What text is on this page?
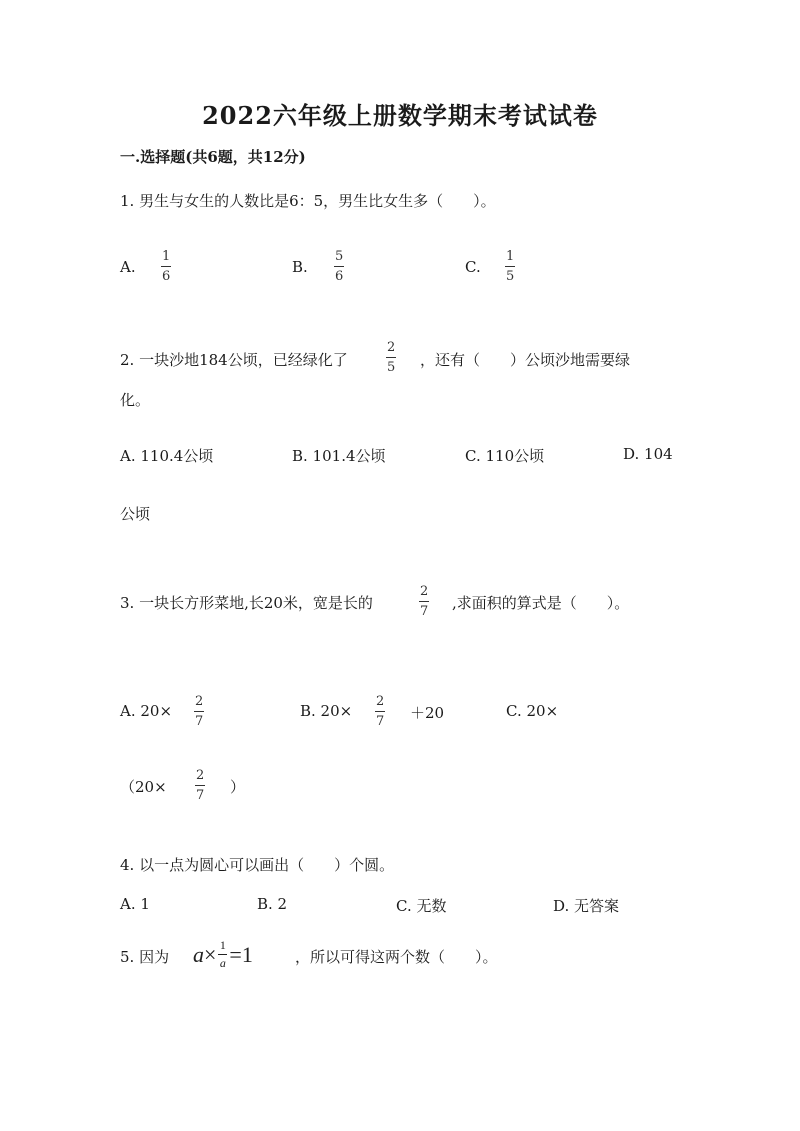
2022六年级上册数学期末考试试卷
一.选择题(共6题，共12分)
1. 男生与女生的人数比是6：5，男生比女生多（　　）。
A.
1
6
B.
5
6
C.
1
5
2. 一块沙地184公顷，已经绿化了
2
5 ，还有（　　）公顷沙地需要绿
化。
A. 110.4公顷	B. 101.4公顷	C. 110公顷	D. 104
公顷
3. 一块长方形菜地,长20米，宽是长的
2
7 ,求面积的算式是（　　）。
A. 20×
2
7
B. 20×
2
7 ＋20	C. 20×
（20×
2
7 ）
4. 以一点为圆心可以画出（　　）个圆。
A. 1	B. 2	C. 无数	D. 无答案
5. 因为 a × 1
a = 1	，所以可得这两个数（　　）。
